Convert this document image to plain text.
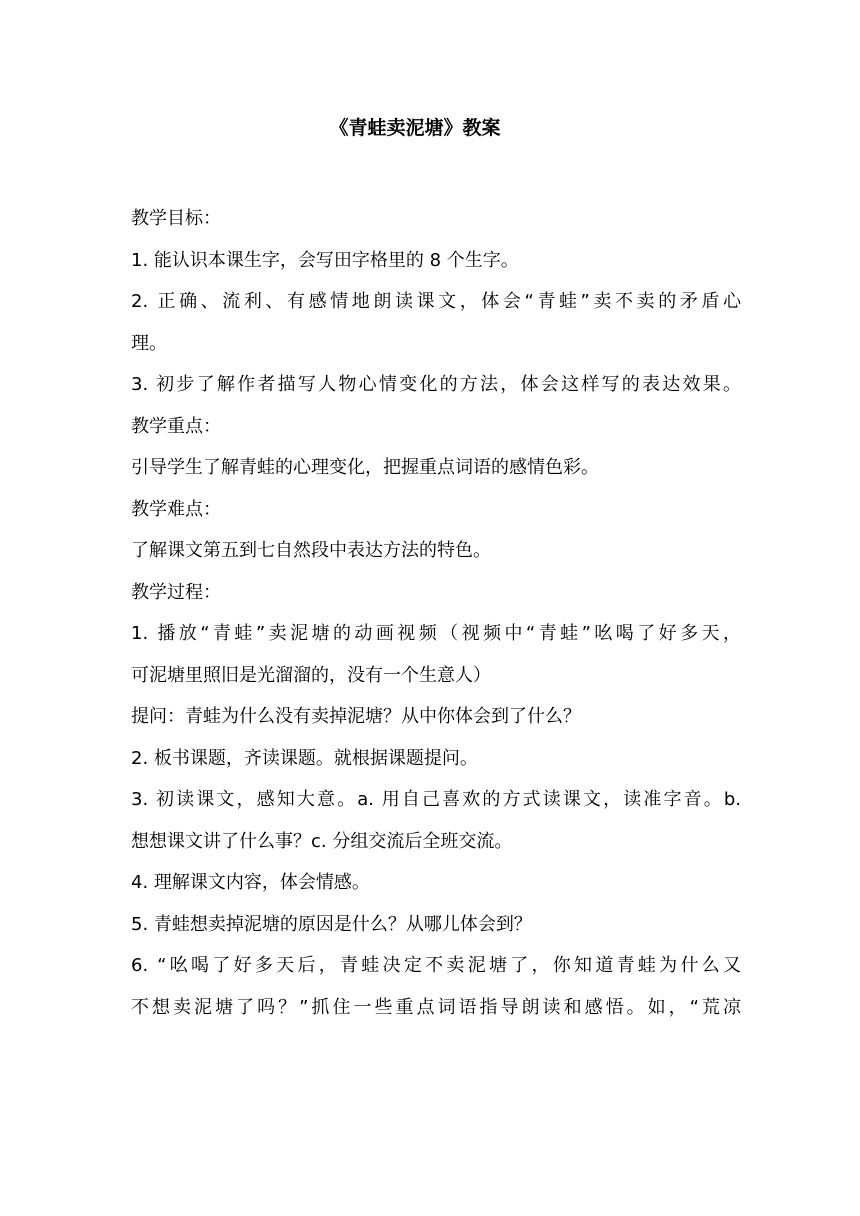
《青蛙卖泥塘》教案
教学目标：
1. 能认识本课生字，会写田字格里的 8 个生字。
2. 正确、流利、有感情地朗读课文，体会“青蛙”卖不卖的矛盾心
理。
3. 初步了解作者描写人物心情变化的方法，体会这样写的表达效果。
教学重点：
引导学生了解青蛙的心理变化，把握重点词语的感情色彩。
教学难点：
了解课文第五到七自然段中表达方法的特色。
教学过程：
1. 播放“青蛙”卖泥塘的动画视频（视频中“青蛙”吆喝了好多天，
可泥塘里照旧是光溜溜的，没有一个生意人）
提问：青蛙为什么没有卖掉泥塘？从中你体会到了什么？
2. 板书课题，齐读课题。就根据课题提问。
3. 初读课文，感知大意。a. 用自己喜欢的方式读课文，读准字音。b.
想想课文讲了什么事？c. 分组交流后全班交流。
4. 理解课文内容，体会情感。
5. 青蛙想卖掉泥塘的原因是什么？从哪儿体会到？
6. “吆喝了好多天后，青蛙决定不卖泥塘了，你知道青蛙为什么又
不想卖泥塘了吗？”抓住一些重点词语指导朗读和感悟。如，“荒凉
